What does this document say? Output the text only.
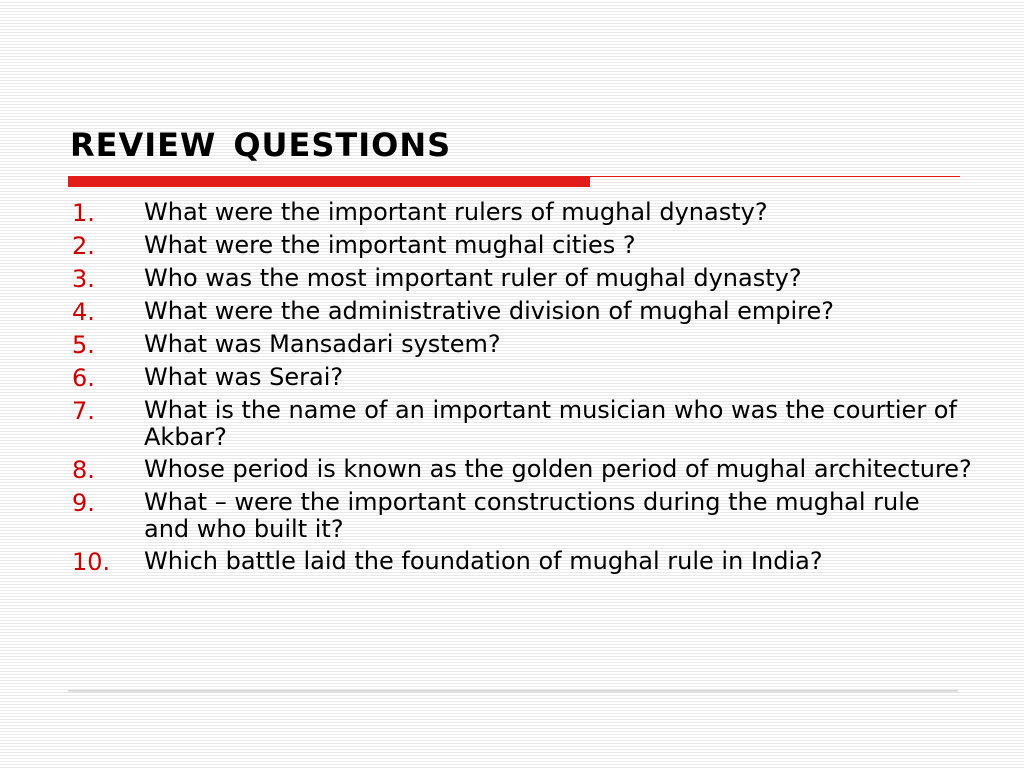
review questions
1.	What were the important rulers of mughal dynasty?
2.	What were the important mughal cities ?
3.	Who was the most important ruler of mughal dynasty?
4.	What were the administrative division of mughal empire?
5.	What was Mansadari system?
6.	What was Serai?
7.	What is the name of an important musician who was the courtier of Akbar?
8.	Whose period is known as the golden period of mughal architecture?
9.	What – were the important constructions during the mughal rule and who built it?
10.	Which battle laid the foundation of mughal rule in India?
